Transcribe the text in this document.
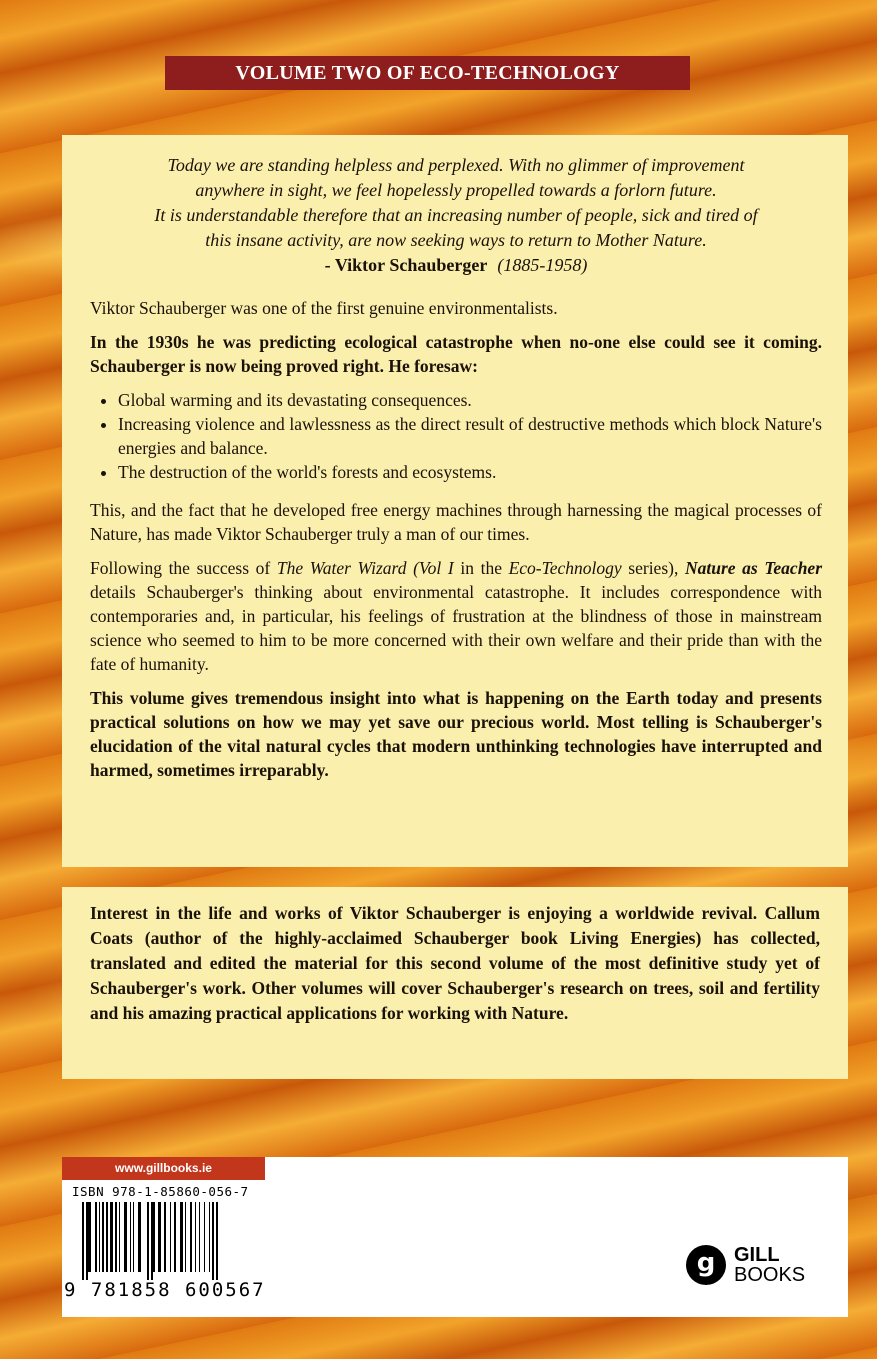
VOLUME TWO OF ECO-TECHNOLOGY

Today we are standing helpless and perplexed. With no glimmer of improvement
anywhere in sight, we feel hopelessly propelled towards a forlorn future.
It is understandable therefore that an increasing number of people, sick and tired of
this insane activity, are now seeking ways to return to Mother Nature.

- Viktor Schauberger (1885-1958)

Viktor Schauberger was one of the first genuine environmentalists.

In the 1930s he was predicting ecological catastrophe when no-one else could see it coming. Schauberger is now being proved right. He foresaw:

• Global warming and its devastating consequences.
• Increasing violence and lawlessness as the direct result of destructive methods which block Nature's energies and balance.
• The destruction of the world's forests and ecosystems.

This, and the fact that he developed free energy machines through harnessing the magical processes of Nature, has made Viktor Schauberger truly a man of our times.

Following the success of The Water Wizard (Vol I in the Eco-Technology series), Nature as Teacher details Schauberger's thinking about environmental catastrophe. It includes correspondence with contemporaries and, in particular, his feelings of frustration at the blindness of those in mainstream science who seemed to him to be more concerned with their own welfare and their pride than with the fate of humanity.

This volume gives tremendous insight into what is happening on the Earth today and presents practical solutions on how we may yet save our precious world. Most telling is Schauberger's elucidation of the vital natural cycles that modern unthinking technologies have interrupted and harmed, sometimes irreparably.

Interest in the life and works of Viktor Schauberger is enjoying a worldwide revival. Callum Coats (author of the highly-acclaimed Schauberger book Living Energies) has collected, translated and edited the material for this second volume of the most definitive study yet of Schauberger's work. Other volumes will cover Schauberger's research on trees, soil and fertility and his amazing practical applications for working with Nature.
www.gillbooks.ie
ISBN 978-1-85860-056-7
9 781858 600567
g GILL
BOOKS
